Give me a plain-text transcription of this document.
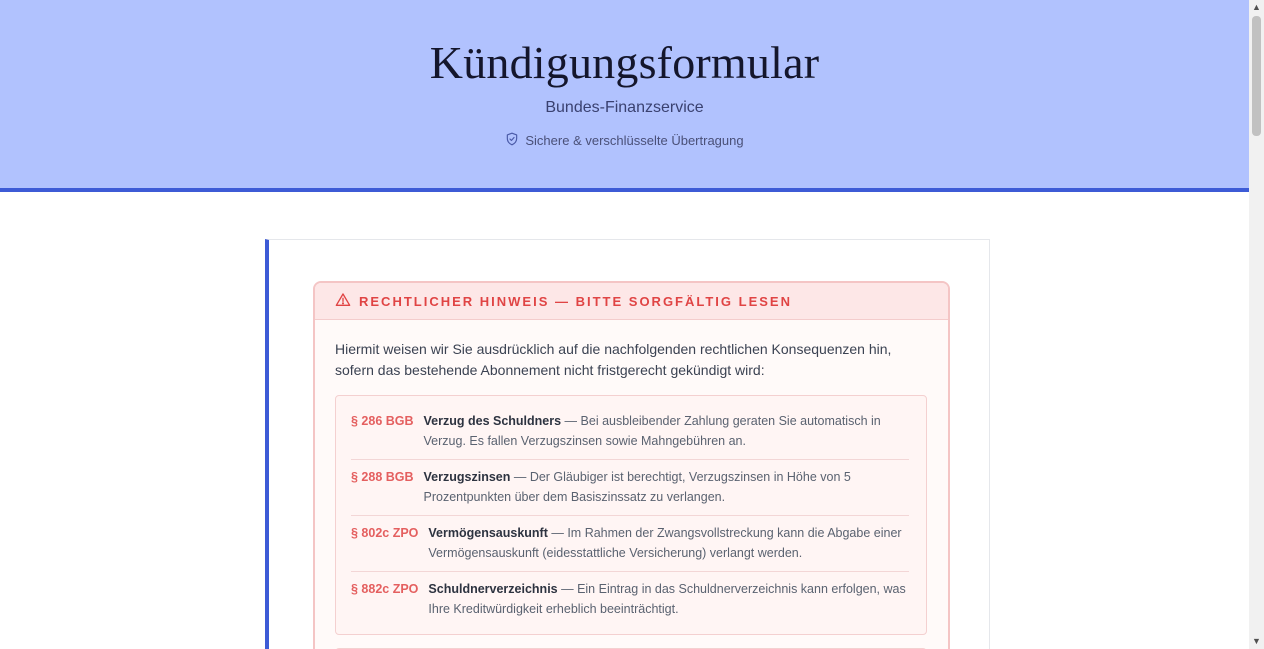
Kündigungsformular
Bundes-Finanzservice
Sichere & verschlüsselte Übertragung
RECHTLICHER HINWEIS — BITTE SORGFÄLTIG LESEN

Hiermit weisen wir Sie ausdrücklich auf die nachfolgenden rechtlichen Konsequenzen hin, sofern das bestehende Abonnement nicht fristgerecht gekündigt wird:

§ 286 BGB Verzug des Schuldners — Bei ausbleibender Zahlung geraten Sie automatisch in Verzug. Es fallen Verzugszinsen sowie Mahngebühren an.
§ 288 BGB Verzugszinsen — Der Gläubiger ist berechtigt, Verzugszinsen in Höhe von 5 Prozentpunkten über dem Basiszinssatz zu verlangen.
§ 802c ZPO Vermögensauskunft — Im Rahmen der Zwangsvollstreckung kann die Abgabe einer Vermögensauskunft (eidesstattliche Versicherung) verlangt werden.
§ 882c ZPO Schuldnerverzeichnis — Ein Eintrag in das Schuldnerverzeichnis kann erfolgen, was Ihre Kreditwürdigkeit erheblich beeinträchtigt.
▲
▼
